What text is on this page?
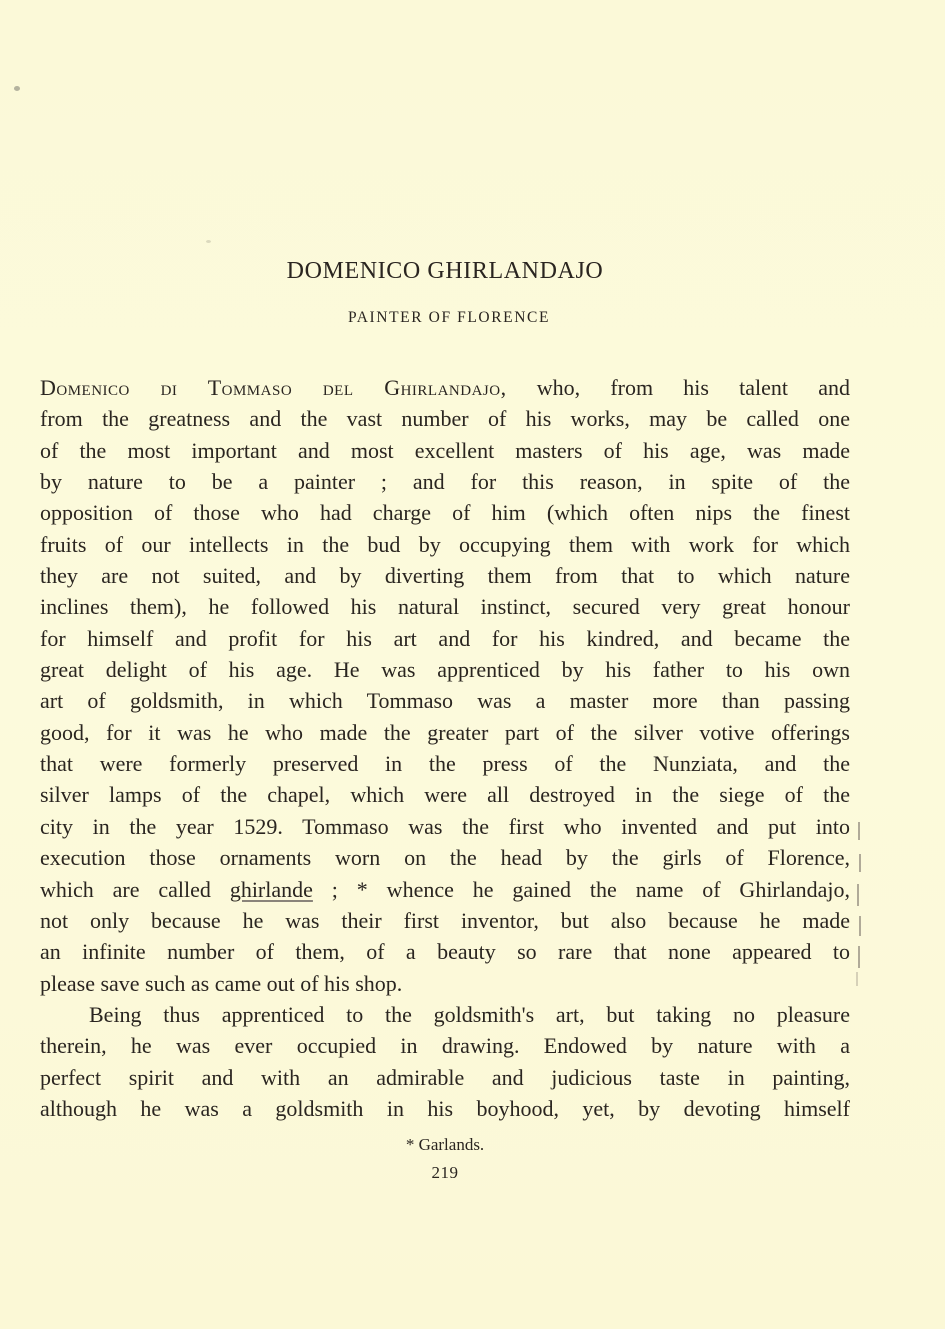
DOMENICO GHIRLANDAJO
PAINTER OF FLORENCE
Domenico di Tommaso del Ghirlandajo, who, from his talent and
from the greatness and the vast number of his works, may be called one
of the most important and most excellent masters of his age, was made
by nature to be a painter ; and for this reason, in spite of the
opposition of those who had charge of him (which often nips the finest
fruits of our intellects in the bud by occupying them with work for which
they are not suited, and by diverting them from that to which nature
inclines them), he followed his natural instinct, secured very great honour
for himself and profit for his art and for his kindred, and became the
great delight of his age. He was apprenticed by his father to his own
art of goldsmith, in which Tommaso was a master more than passing
good, for it was he who made the greater part of the silver votive offerings
that were formerly preserved in the press of the Nunziata, and the
silver lamps of the chapel, which were all destroyed in the siege of the
city in the year 1529. Tommaso was the first who invented and put into
execution those ornaments worn on the head by the girls of Florence,
which are called ghirlande ; * whence he gained the name of Ghirlandajo,
not only because he was their first inventor, but also because he made
an infinite number of them, of a beauty so rare that none appeared to
please save such as came out of his shop.
Being thus apprenticed to the goldsmith's art, but taking no pleasure
therein, he was ever occupied in drawing. Endowed by nature with a
perfect spirit and with an admirable and judicious taste in painting,
although he was a goldsmith in his boyhood, yet, by devoting himself
* Garlands.
219
